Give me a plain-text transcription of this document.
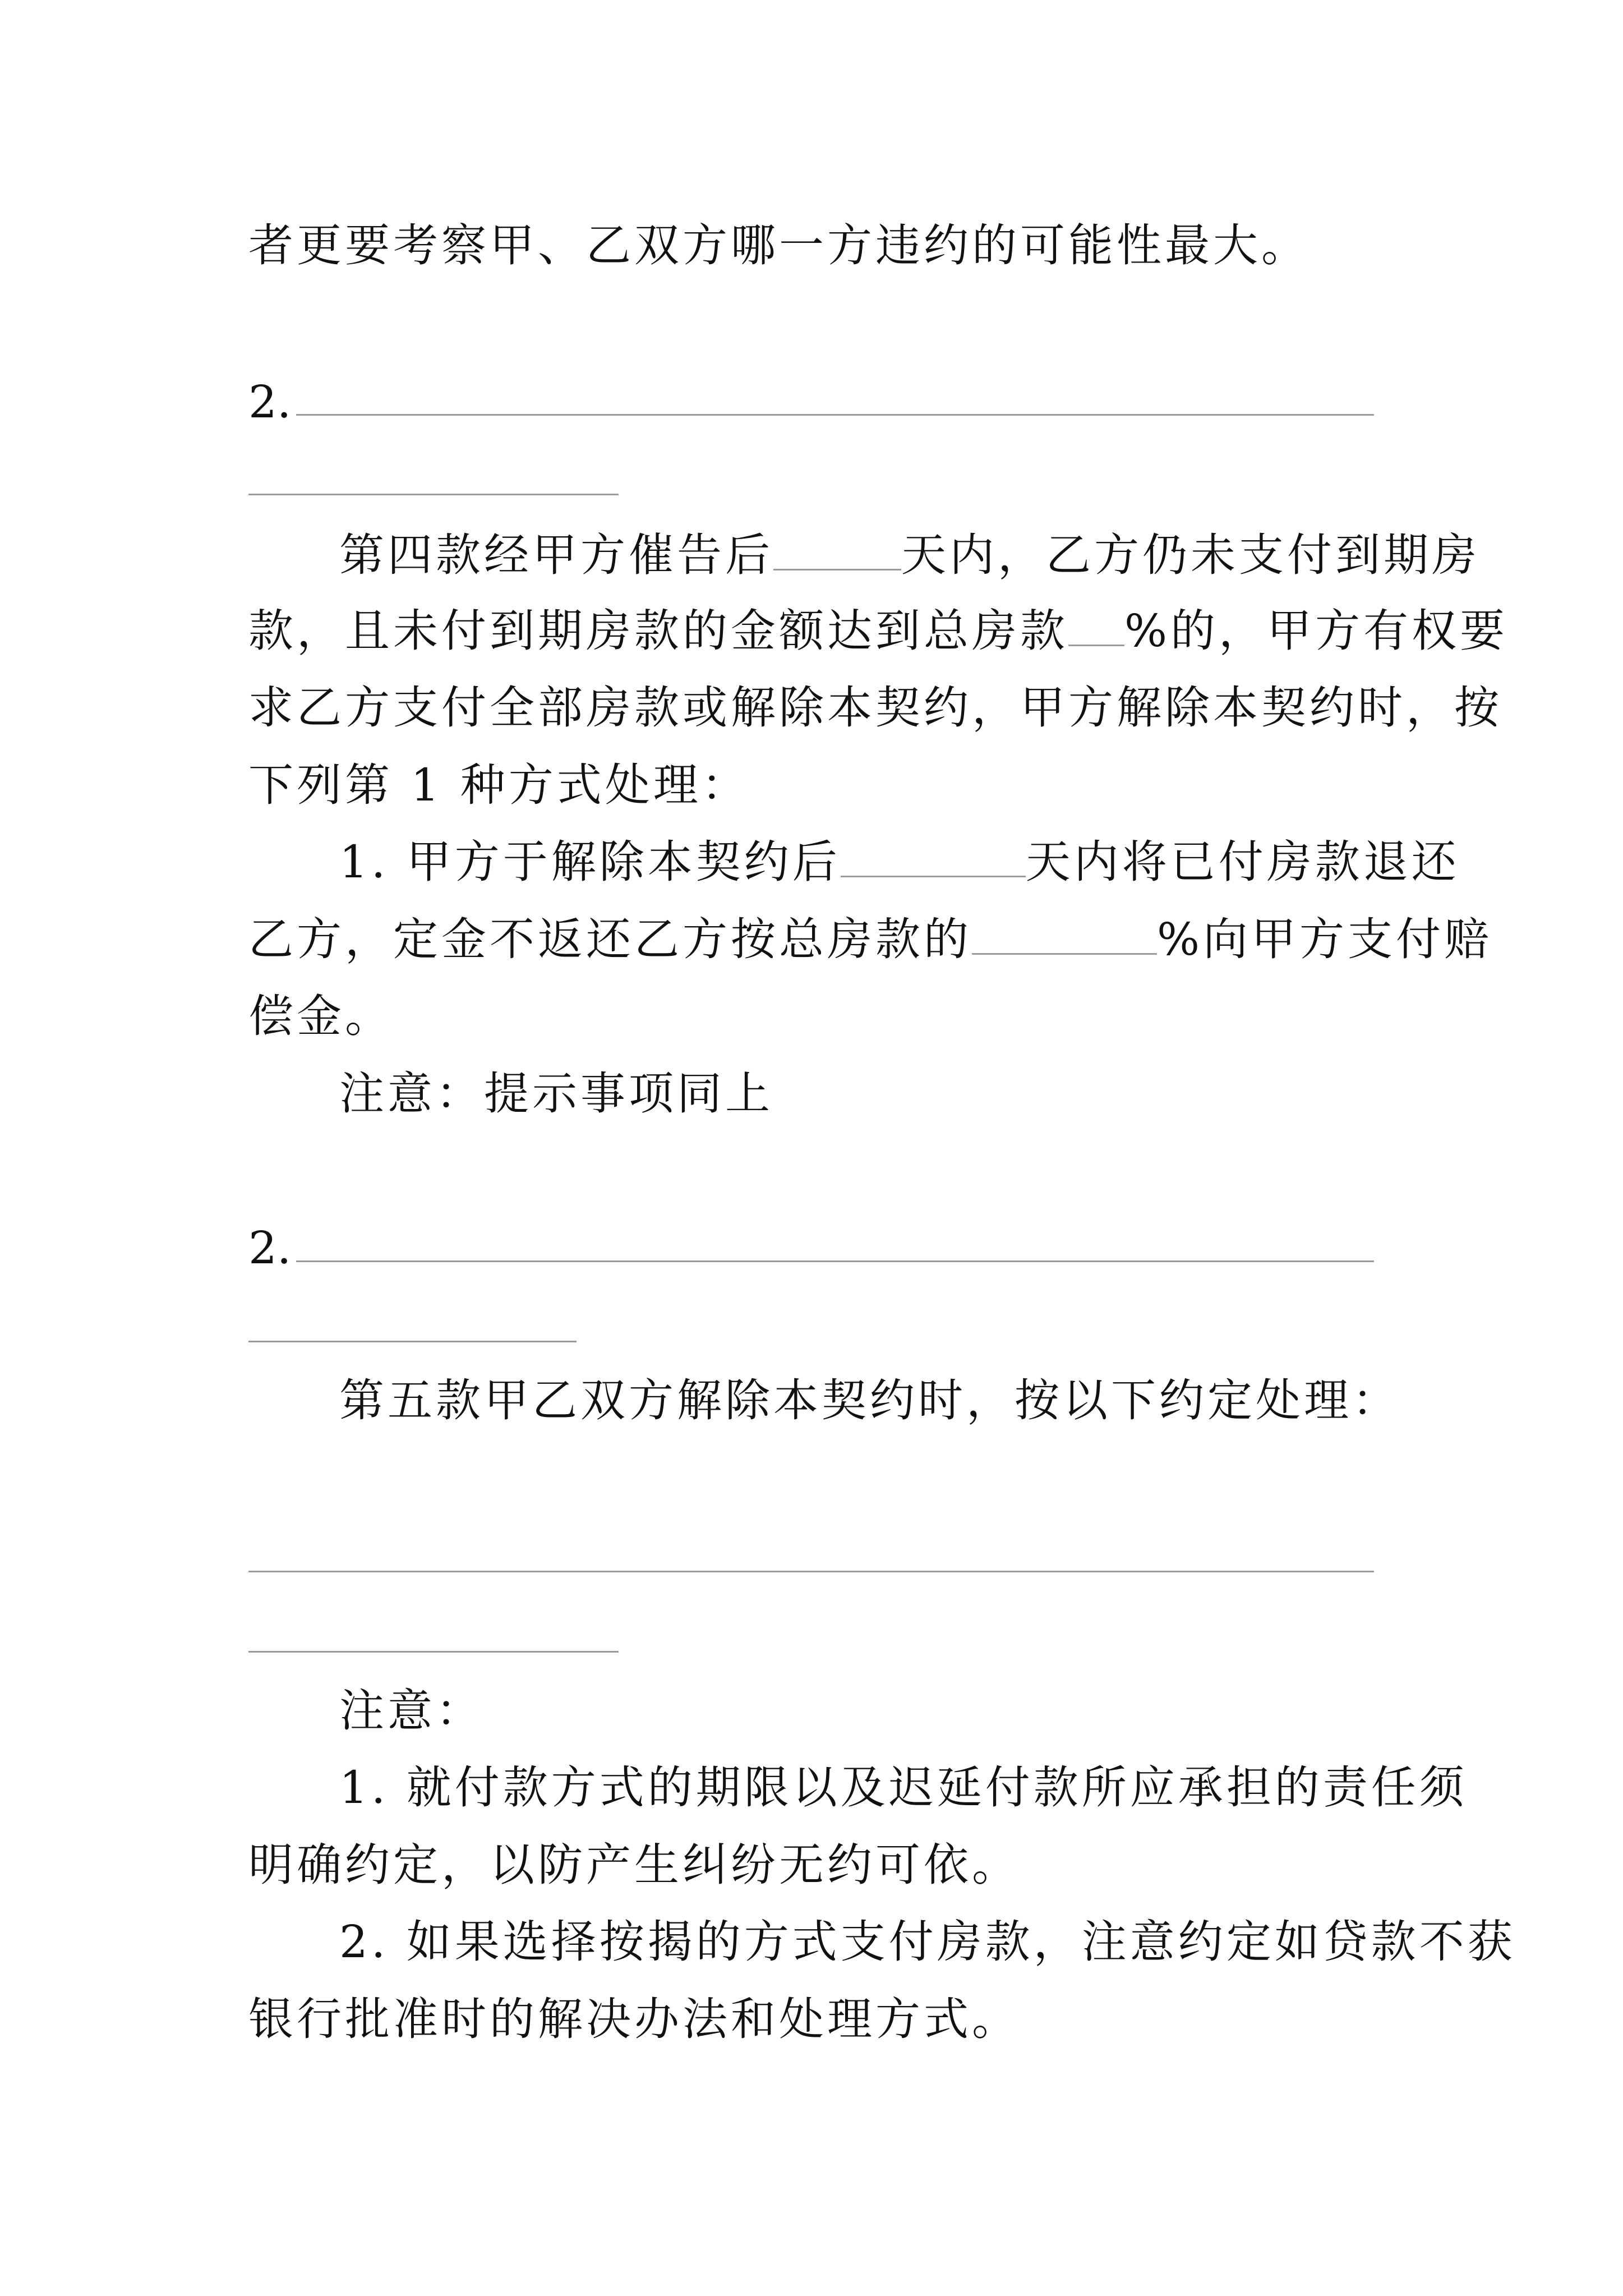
者更要考察甲、乙双方哪一方违约的可能性最大。
2.
第四款经甲方催告后	天内，乙方仍未支付到期房
款，且未付到期房款的金额达到总房款 %的，甲方有权要
求乙方支付全部房款或解除本契约，甲方解除本契约时，按
下列第 1 种方式处理：
1. 甲方于解除本契约后	天内将已付房款退还
乙方，定金不返还乙方按总房款的	%向甲方支付赔
偿金。
注意：提示事项同上
2.
第五款甲乙双方解除本契约时，按以下约定处理：
注意：
1. 就付款方式的期限以及迟延付款所应承担的责任须
明确约定，以防产生纠纷无约可依。
2. 如果选择按揭的方式支付房款，注意约定如贷款不获
银行批准时的解决办法和处理方式。
